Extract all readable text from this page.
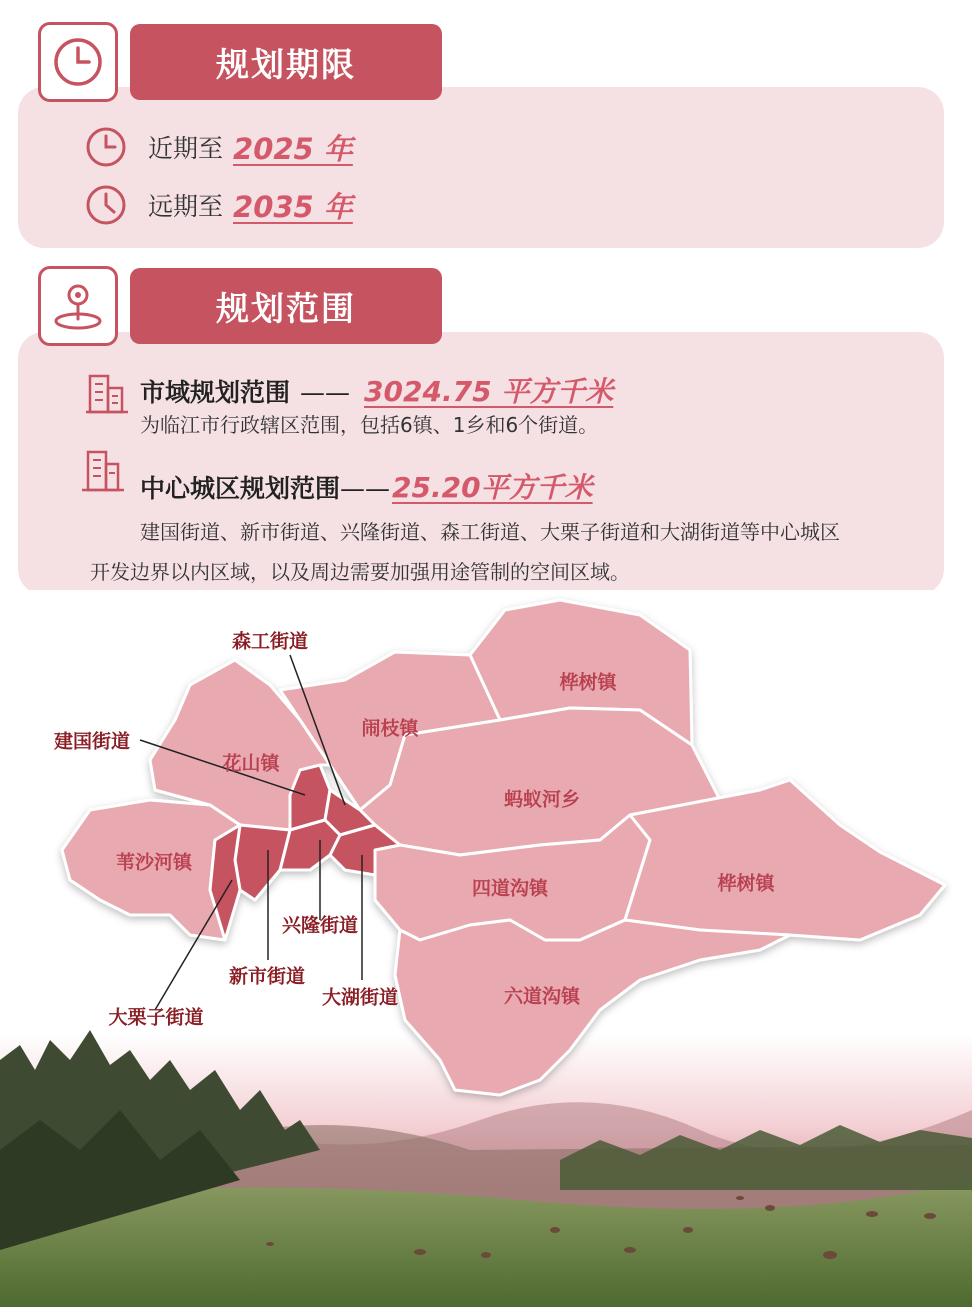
规划期限
近期至 2025 年
远期至 2035 年
规划范围
市域规划范围 —— 3024.75 平方千米
为临江市行政辖区范围，包括6镇、1乡和6个街道。
中心城区规划范围 —— 25.20平方千米
建国街道、新市街道、兴隆街道、森工街道、大栗子街道和大湖街道等中心城区
开发边界以内区域，以及周边需要加强用途管制的空间区域。
桦树镇
闹枝镇
花山镇
蚂蚁河乡
苇沙河镇
四道沟镇	桦树镇
六道沟镇
森工街道
建国街道
兴隆街道
新市街道
大湖街道
大栗子街道
